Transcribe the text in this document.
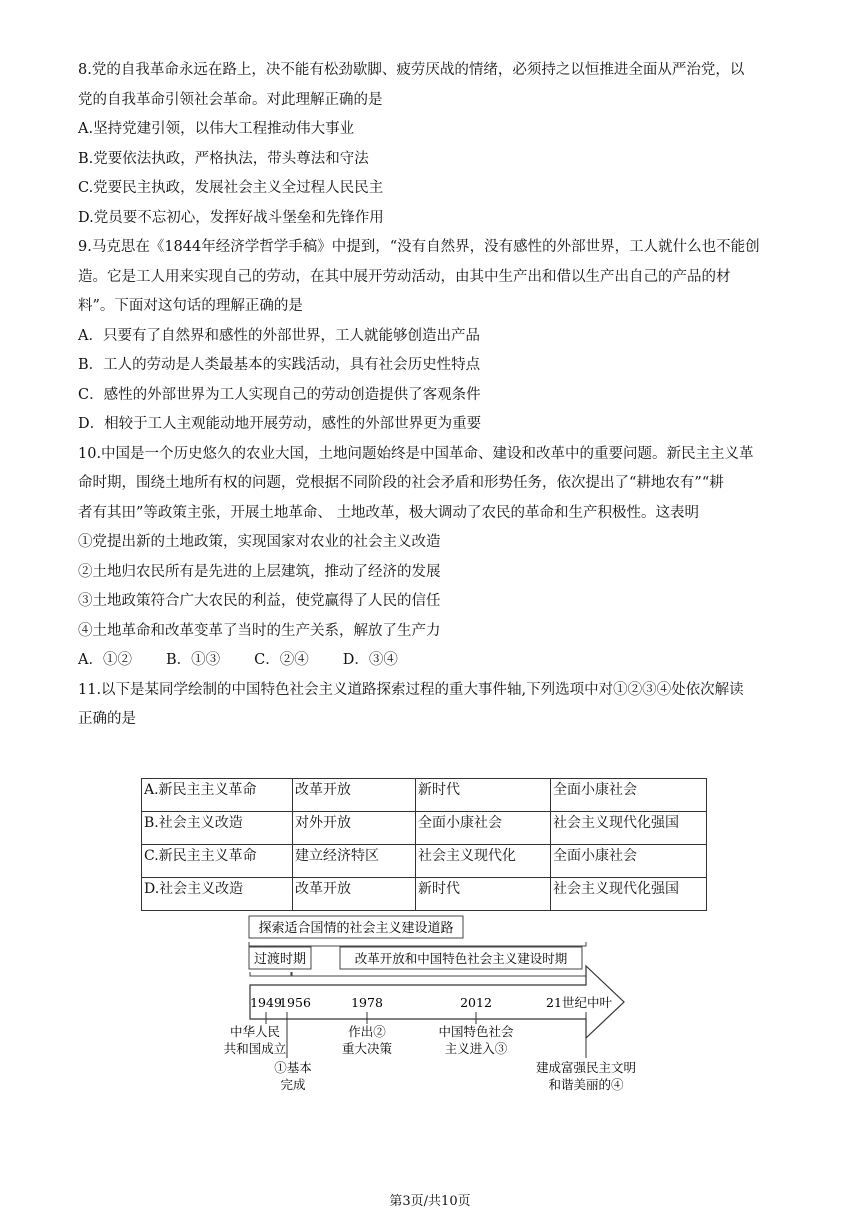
8.党的自我革命永远在路上，决不能有松劲歇脚、疲劳厌战的情绪，必须持之以恒推进全面从严治党，以
党的自我革命引领社会革命。对此理解正确的是
A.坚持党建引领，以伟大工程推动伟大事业
B.党要依法执政，严格执法，带头尊法和守法
C.党要民主执政，发展社会主义全过程人民民主
D.党员要不忘初心，发挥好战斗堡垒和先锋作用
9.马克思在《1844年经济学哲学手稿》中提到，“没有自然界，没有感性的外部世界，工人就什么也不能创
造。它是工人用来实现自己的劳动，在其中展开劳动活动，由其中生产出和借以生产出自己的产品的材
料”。下面对这句话的理解正确的是
A．只要有了自然界和感性的外部世界，工人就能够创造出产品
B．工人的劳动是人类最基本的实践活动，具有社会历史性特点
C．感性的外部世界为工人实现自己的劳动创造提供了客观条件
D．相较于工人主观能动地开展劳动，感性的外部世界更为重要
10.中国是一个历史悠久的农业大国，土地问题始终是中国革命、建设和改革中的重要问题。新民主主义革
命时期，围绕土地所有权的问题，党根据不同阶段的社会矛盾和形势任务，依次提出了“耕地农有”“耕
者有其田”等政策主张，开展土地革命、 土地改革，极大调动了农民的革命和生产积极性。这表明
①党提出新的土地政策，实现国家对农业的社会主义改造
②土地归农民所有是先进的上层建筑，推动了经济的发展
③土地政策符合广大农民的利益，使党赢得了人民的信任
④土地革命和改革变革了当时的生产关系，解放了生产力
A．①② B．①③ C．②④ D．③④
11.以下是某同学绘制的中国特色社会主义道路探索过程的重大事件轴,下列选项中对①②③④处依次解读
正确的是
A.新民主主义革命	改革开放	新时代	全面小康社会
B.社会主义改造	对外开放	全面小康社会	社会主义现代化强国
C.新民主主义革命	建立经济特区	社会主义现代化	全面小康社会
D.社会主义改造	改革开放	新时代	社会主义现代化强国
探索适合国情的社会主义建设道路
过渡时期	改革开放和中国特色社会主义建设时期
1949
1956	1978	2012	21世纪中叶
中华人民
共和国成立
①基本
完成
作出②
重大决策
中国特色社会
主义进入③
建成富强民主文明
和谐美丽的④
第3页/共10页
